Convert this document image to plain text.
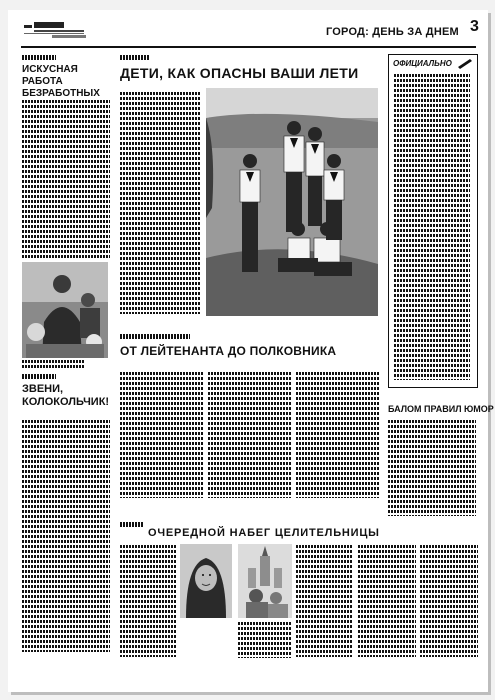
ГОРОД: ДЕНЬ ЗА ДНЕМ 3
ИСКУСНАЯ РАБОТА БЕЗРАБОТНЫХ
ЗВЕНИ, КОЛОКОЛЬЧИК!
ДЕТИ, КАК ОПАСНЫ ВАШИ ЛЕТИ
ОТ ЛЕЙТЕНАНТА ДО ПОЛКОВНИКА
ОЧЕРЕДНОЙ НАБЕГ ЦЕЛИТЕЛЬНИЦЫ
ОФИЦИАЛЬНО
БАЛОМ ПРАВИЛ ЮМОР
